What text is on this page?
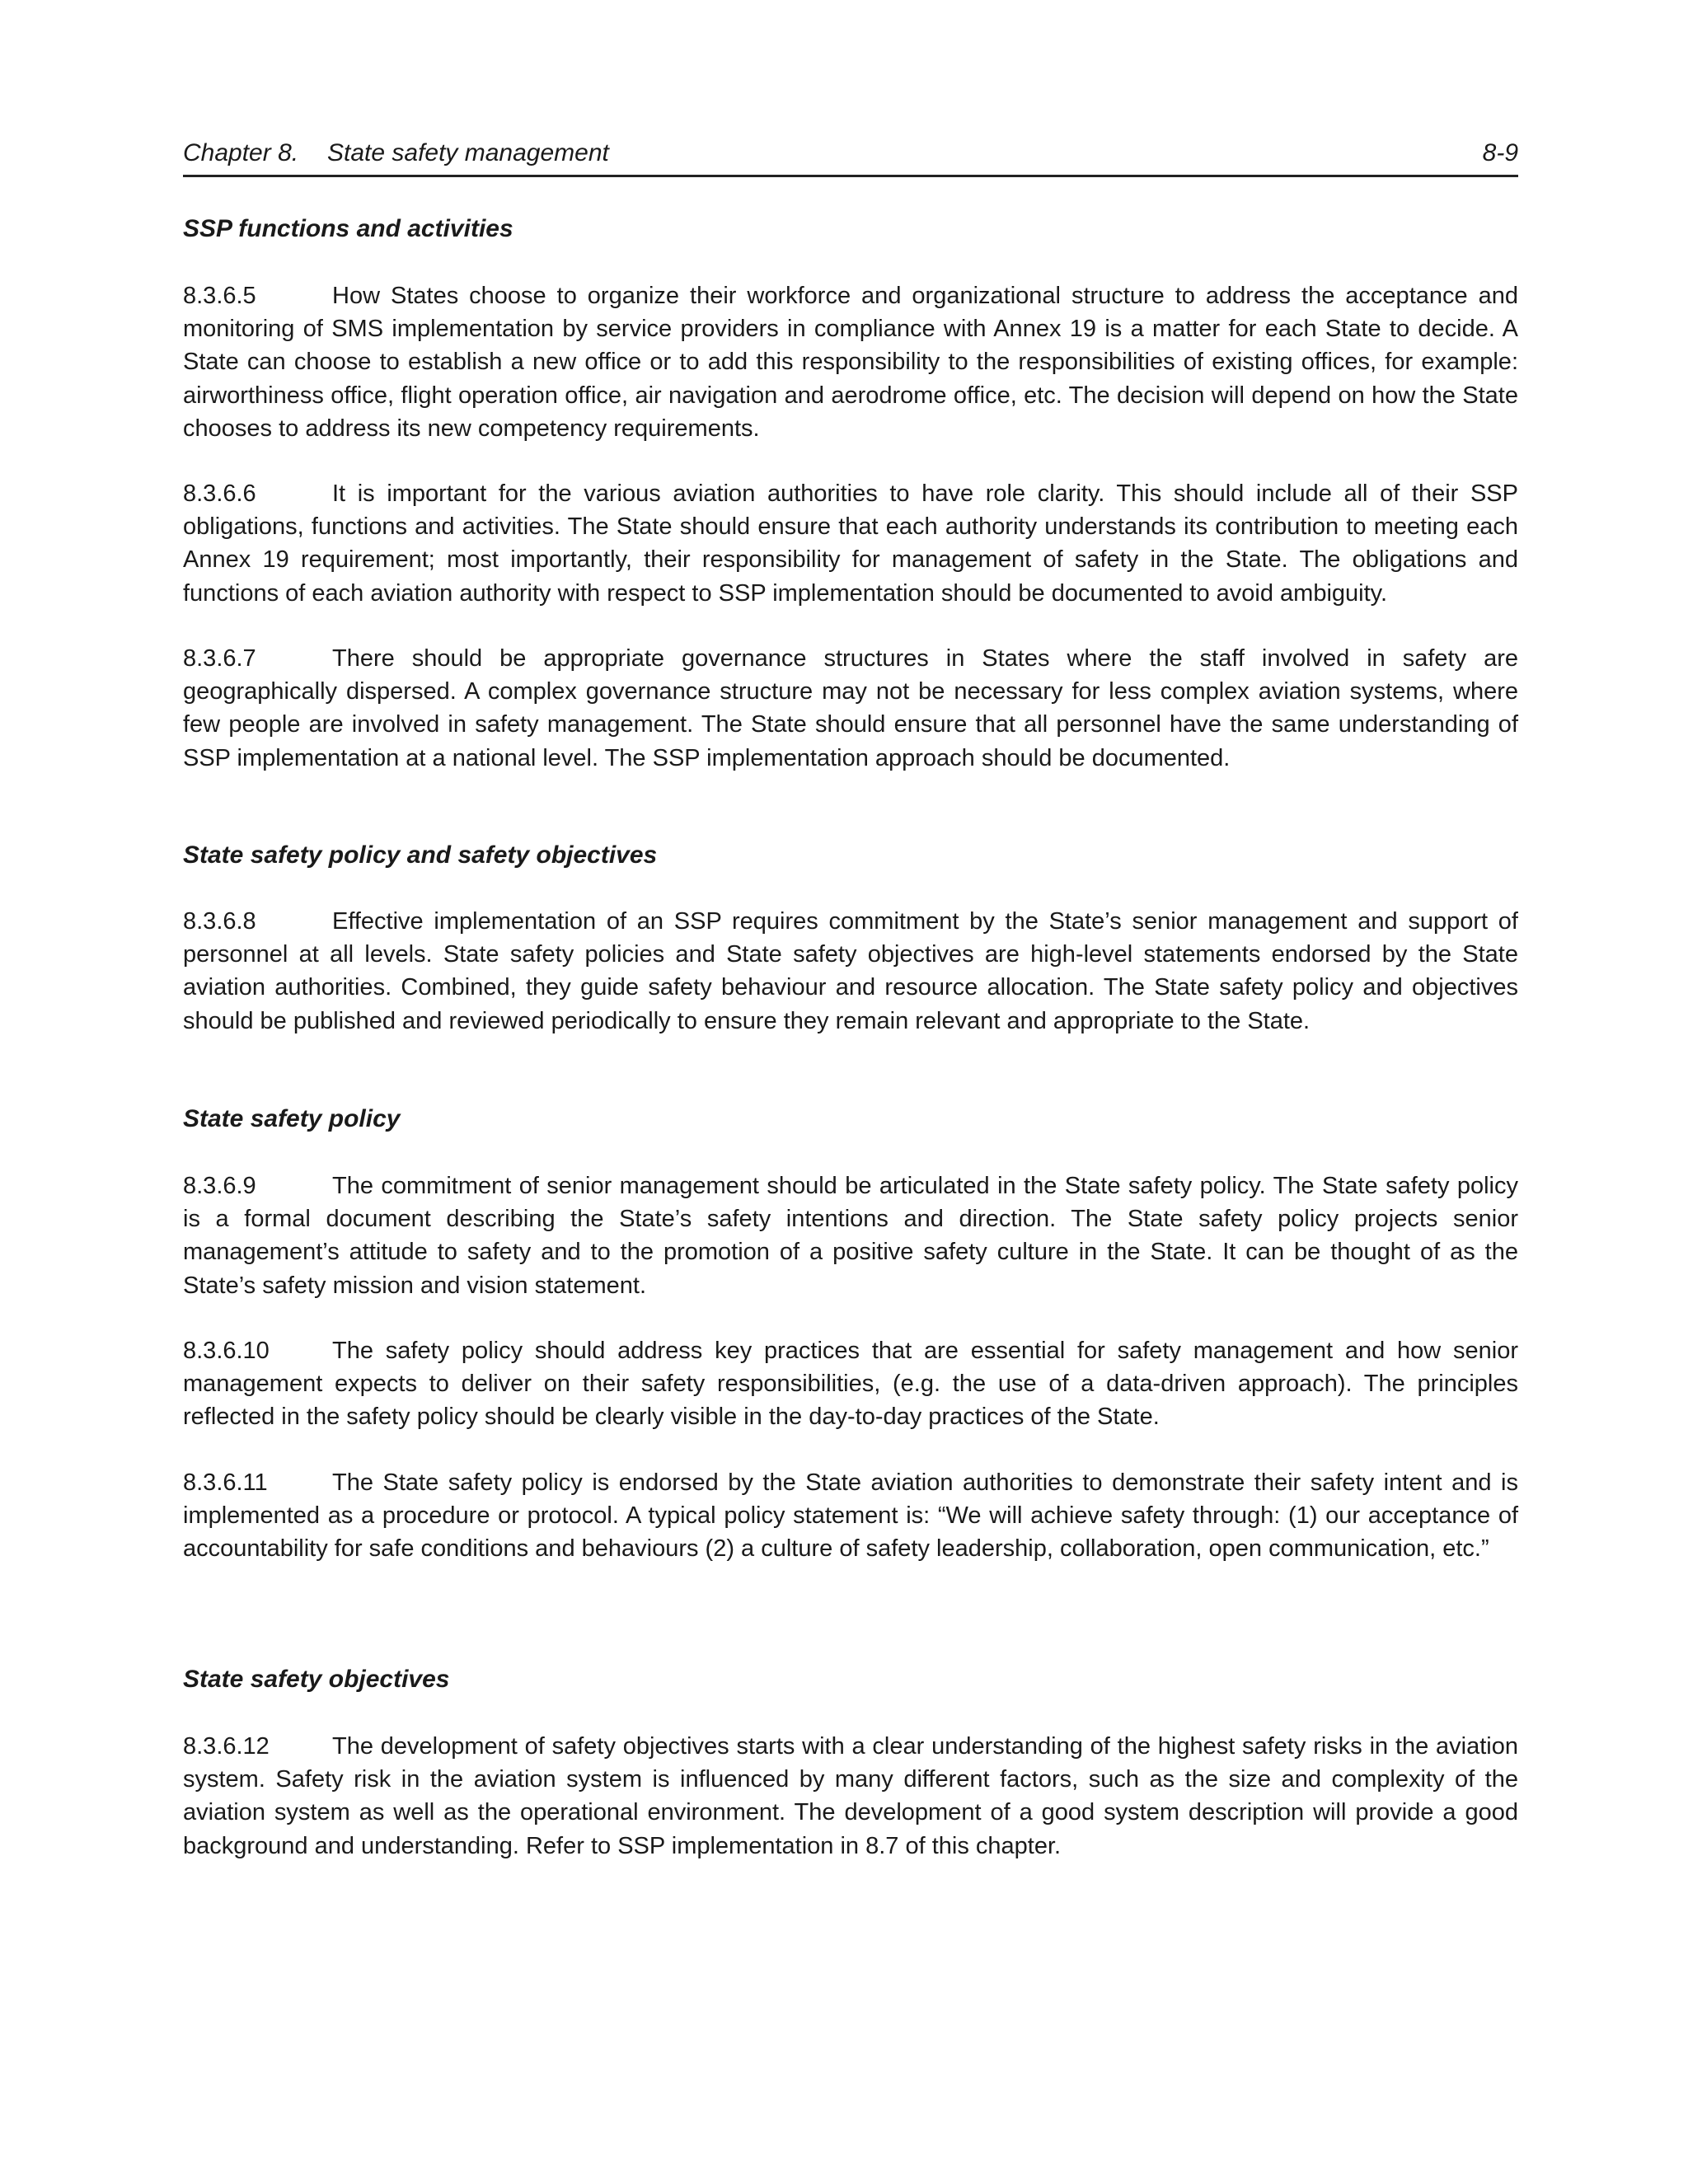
Chapter 8. State safety management	8-9
SSP functions and activities

8.3.6.5	How States choose to organize their workforce and organizational structure to address the acceptance and monitoring of SMS implementation by service providers in compliance with Annex 19 is a matter for each State to decide. A State can choose to establish a new office or to add this responsibility to the responsibilities of existing offices, for example: airworthiness office, flight operation office, air navigation and aerodrome office, etc. The decision will depend on how the State chooses to address its new competency requirements.

8.3.6.6	It is important for the various aviation authorities to have role clarity. This should include all of their SSP obligations, functions and activities. The State should ensure that each authority understands its contribution to meeting each Annex 19 requirement; most importantly, their responsibility for management of safety in the State. The obligations and functions of each aviation authority with respect to SSP implementation should be documented to avoid ambiguity.

8.3.6.7	There should be appropriate governance structures in States where the staff involved in safety are geographically dispersed. A complex governance structure may not be necessary for less complex aviation systems, where few people are involved in safety management. The State should ensure that all personnel have the same understanding of SSP implementation at a national level. The SSP implementation approach should be documented.

State safety policy and safety objectives

8.3.6.8	Effective implementation of an SSP requires commitment by the State’s senior management and support of personnel at all levels. State safety policies and State safety objectives are high-level statements endorsed by the State aviation authorities. Combined, they guide safety behaviour and resource allocation. The State safety policy and objectives should be published and reviewed periodically to ensure they remain relevant and appropriate to the State.

State safety policy

8.3.6.9	The commitment of senior management should be articulated in the State safety policy. The State safety policy is a formal document describing the State’s safety intentions and direction. The State safety policy projects senior management’s attitude to safety and to the promotion of a positive safety culture in the State. It can be thought of as the State’s safety mission and vision statement.

8.3.6.10	The safety policy should address key practices that are essential for safety management and how senior management expects to deliver on their safety responsibilities, (e.g. the use of a data-driven approach). The principles reflected in the safety policy should be clearly visible in the day-to-day practices of the State.

8.3.6.11	The State safety policy is endorsed by the State aviation authorities to demonstrate their safety intent and is implemented as a procedure or protocol. A typical policy statement is: “We will achieve safety through: (1) our acceptance of accountability for safe conditions and behaviours (2) a culture of safety leadership, collaboration, open communication, etc.”

State safety objectives

8.3.6.12	The development of safety objectives starts with a clear understanding of the highest safety risks in the aviation system. Safety risk in the aviation system is influenced by many different factors, such as the size and complexity of the aviation system as well as the operational environment. The development of a good system description will provide a good background and understanding. Refer to SSP implementation in 8.7 of this chapter.
